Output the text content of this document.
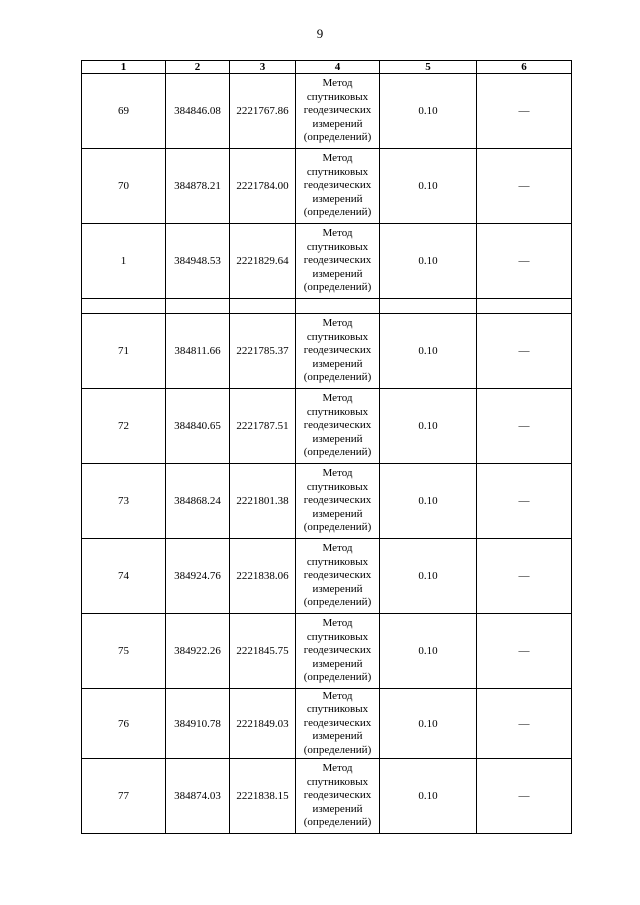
9
1	2	3	4	5	6
69	384846.08	2221767.86	Метод
спутниковых
геодезических
измерений
(определений)	0.10	—
70	384878.21	2221784.00	Метод
спутниковых
геодезических
измерений
(определений)	0.10	—
1	384948.53	2221829.64	Метод
спутниковых
геодезических
измерений
(определений)	0.10	—

71	384811.66	2221785.37	Метод
спутниковых
геодезических
измерений
(определений)	0.10	—
72	384840.65	2221787.51	Метод
спутниковых
геодезических
измерений
(определений)	0.10	—
73	384868.24	2221801.38	Метод
спутниковых
геодезических
измерений
(определений)	0.10	—
74	384924.76	2221838.06	Метод
спутниковых
геодезических
измерений
(определений)	0.10	—
75	384922.26	2221845.75	Метод
спутниковых
геодезических
измерений
(определений)	0.10	—
76	384910.78	2221849.03	Метод
спутниковых
геодезических
измерений
(определений)	0.10	—
77	384874.03	2221838.15	Метод
спутниковых
геодезических
измерений
(определений)	0.10	—
